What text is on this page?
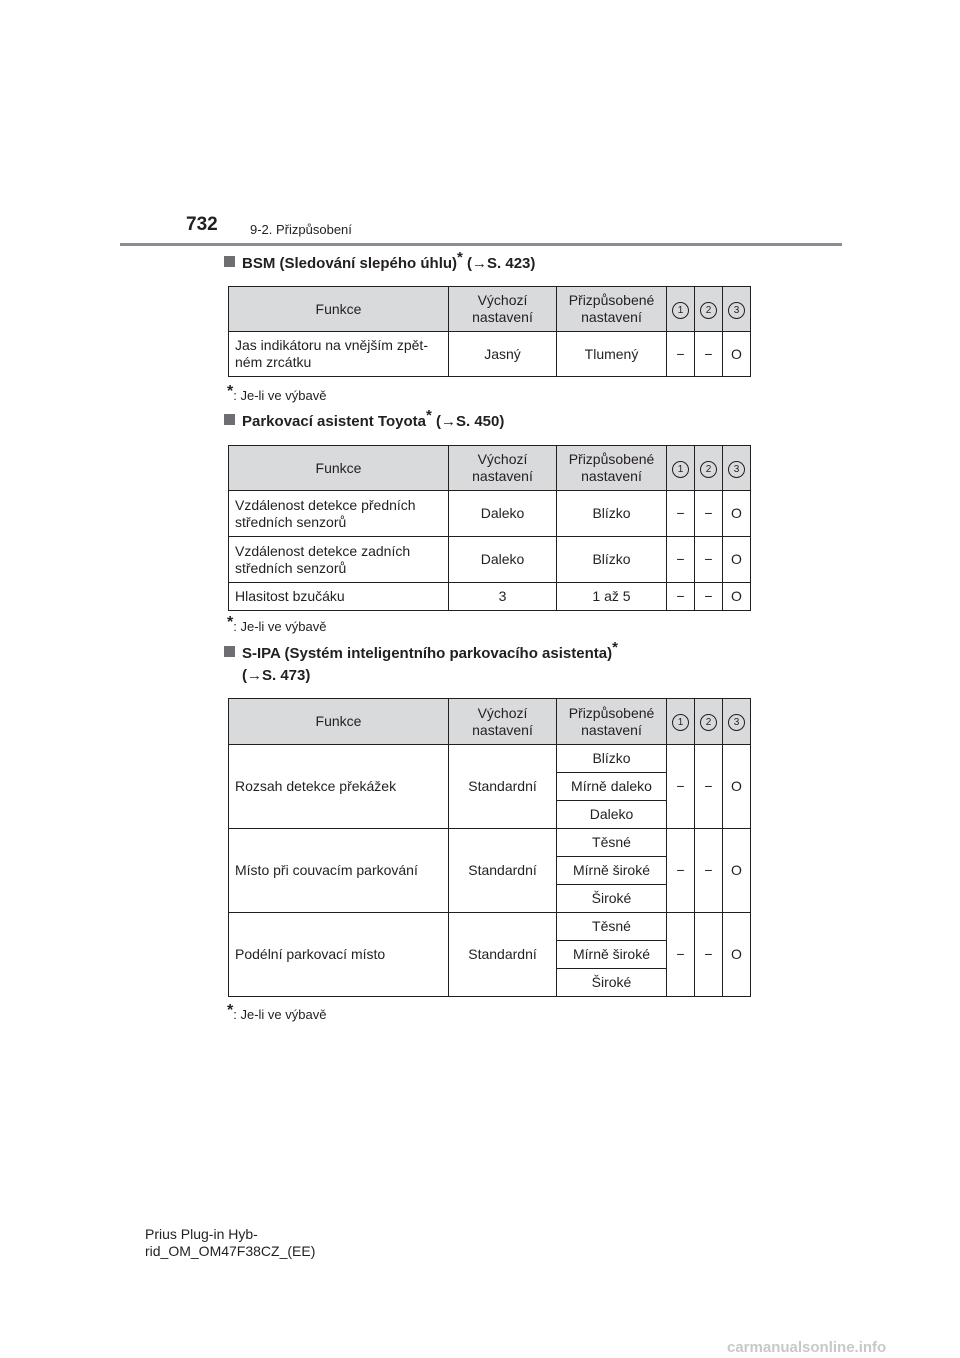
732 9-2. Přizpůsobení
BSM (Sledování slepého úhlu)* (→S. 423)
Funkce	Výchozí nastavení	Přizpůsobené nastavení	1	2	3
Jas indikátoru na vnějším zpět-ném zrcátku	Jasný	Tlumený	−	−	O
*: Je-li ve výbavě
Parkovací asistent Toyota* (→S. 450)
Funkce	Výchozí nastavení	Přizpůsobené nastavení	1	2	3
Vzdálenost detekce předních středních senzorů	Daleko	Blízko	−	−	O
Vzdálenost detekce zadních středních senzorů	Daleko	Blízko	−	−	O
Hlasitost bzučáku	3	1 až 5	−	−	O
*: Je-li ve výbavě
S-IPA (Systém inteligentního parkovacího asistenta)*
(→S. 473)
Funkce	Výchozí nastavení	Přizpůsobené nastavení	1	2	3
Rozsah detekce překážek	Standardní	Blízko	−	−	O
		Mírně daleko			
		Daleko			
Místo při couvacím parkování	Standardní	Těsné	−	−	O
		Mírně široké			
		Široké			
Podélní parkovací místo	Standardní	Těsné	−	−	O
		Mírně široké			
		Široké			
*: Je-li ve výbavě
Prius Plug-in Hyb-
rid_OM_OM47F38CZ_(EE)
carmanualsonline.info
